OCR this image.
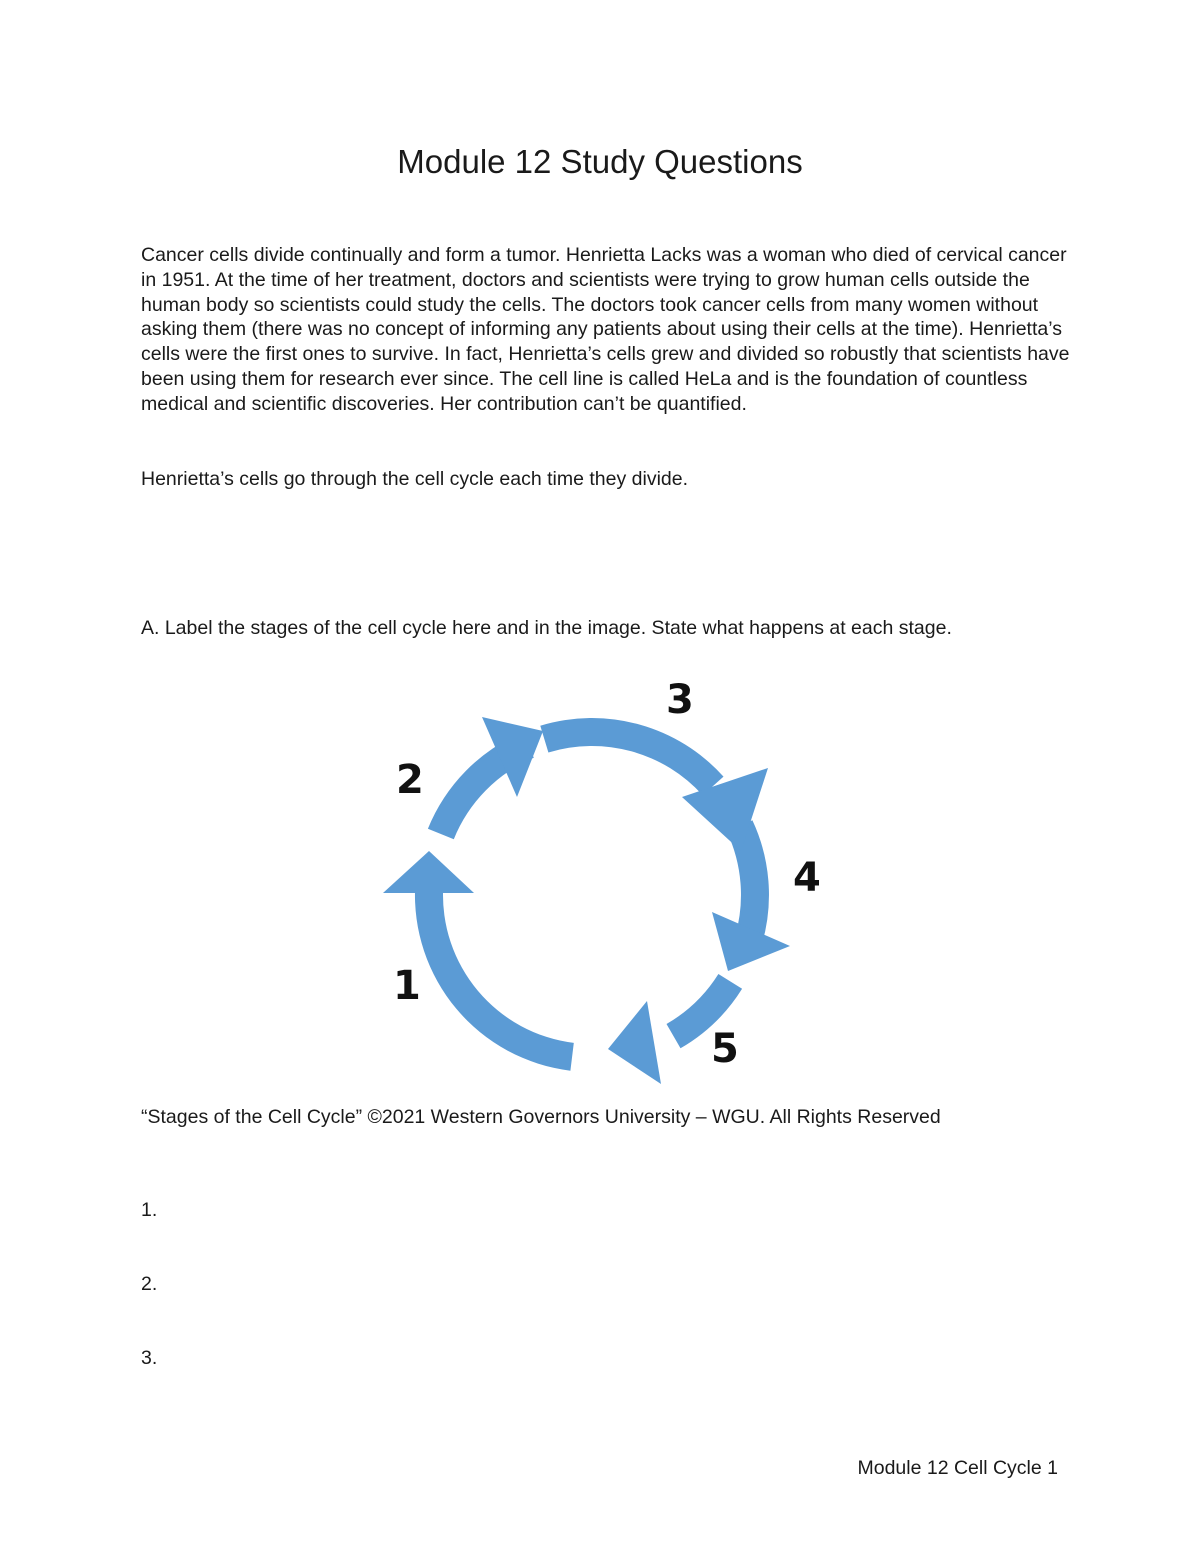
Module 12 Study Questions

Cancer cells divide continually and form a tumor. Henrietta Lacks was a woman who died of cervical cancer in 1951. At the time of her treatment, doctors and scientists were trying to grow human cells outside the human body so scientists could study the cells. The doctors took cancer cells from many women without asking them (there was no concept of informing any patients about using their cells at the time). Henrietta’s cells were the first ones to survive. In fact, Henrietta’s cells grew and divided so robustly that scientists have been using them for research ever since. The cell line is called HeLa and is the foundation of countless medical and scientific discoveries. Her contribution can’t be quantified.

Henrietta’s cells go through the cell cycle each time they divide.

A. Label the stages of the cell cycle here and in the image. State what happens at each stage.

1
2
3
4
5

“Stages of the Cell Cycle” ©2021 Western Governors University – WGU. All Rights Reserved

1.
2.
3.
Module 12 Cell Cycle 1
